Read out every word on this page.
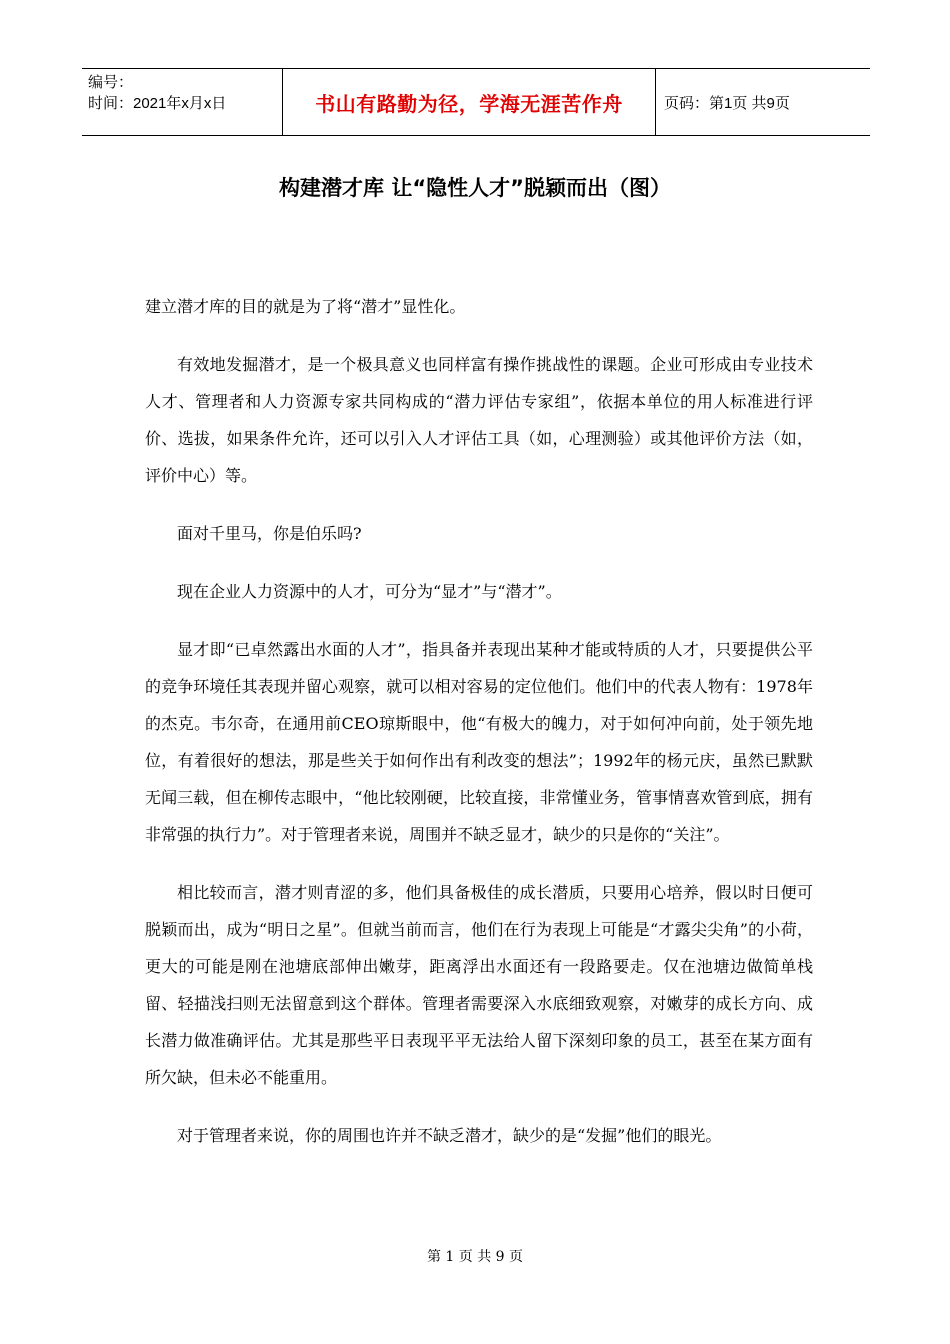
编号：
时间：2021年x月x日	书山有路勤为径，学海无涯苦作舟	页码：第1页 共9页
构建潜才库 让“隐性人才”脱颖而出（图）

建立潜才库的目的就是为了将“潜才”显性化。

有效地发掘潜才，是一个极具意义也同样富有操作挑战性的课题。企业可形成由专业技术人才、管理者和人力资源专家共同构成的“潜力评估专家组”，依据本单位的用人标准进行评价、选拔，如果条件允许，还可以引入人才评估工具（如，心理测验）或其他评价方法（如，评价中心）等。

面对千里马，你是伯乐吗?

现在企业人力资源中的人才，可分为“显才”与“潜才”。

显才即“已卓然露出水面的人才”，指具备并表现出某种才能或特质的人才，只要提供公平的竞争环境任其表现并留心观察，就可以相对容易的定位他们。他们中的代表人物有：1978年的杰克。韦尔奇，在通用前CEO琼斯眼中，他“有极大的魄力，对于如何冲向前，处于领先地位，有着很好的想法，那是些关于如何作出有利改变的想法”；1992年的杨元庆，虽然已默默无闻三载，但在柳传志眼中，“他比较刚硬，比较直接，非常懂业务，管事情喜欢管到底，拥有非常强的执行力”。对于管理者来说，周围并不缺乏显才，缺少的只是你的“关注”。

相比较而言，潜才则青涩的多，他们具备极佳的成长潜质，只要用心培养，假以时日便可脱颖而出，成为“明日之星”。但就当前而言，他们在行为表现上可能是“才露尖尖角”的小荷，更大的可能是刚在池塘底部伸出嫩芽，距离浮出水面还有一段路要走。仅在池塘边做简单栈留、轻描浅扫则无法留意到这个群体。管理者需要深入水底细致观察，对嫩芽的成长方向、成长潜力做准确评估。尤其是那些平日表现平平无法给人留下深刻印象的员工，甚至在某方面有所欠缺，但未必不能重用。

对于管理者来说，你的周围也许并不缺乏潜才，缺少的是“发掘”他们的眼光。

第 1 页 共 9 页
